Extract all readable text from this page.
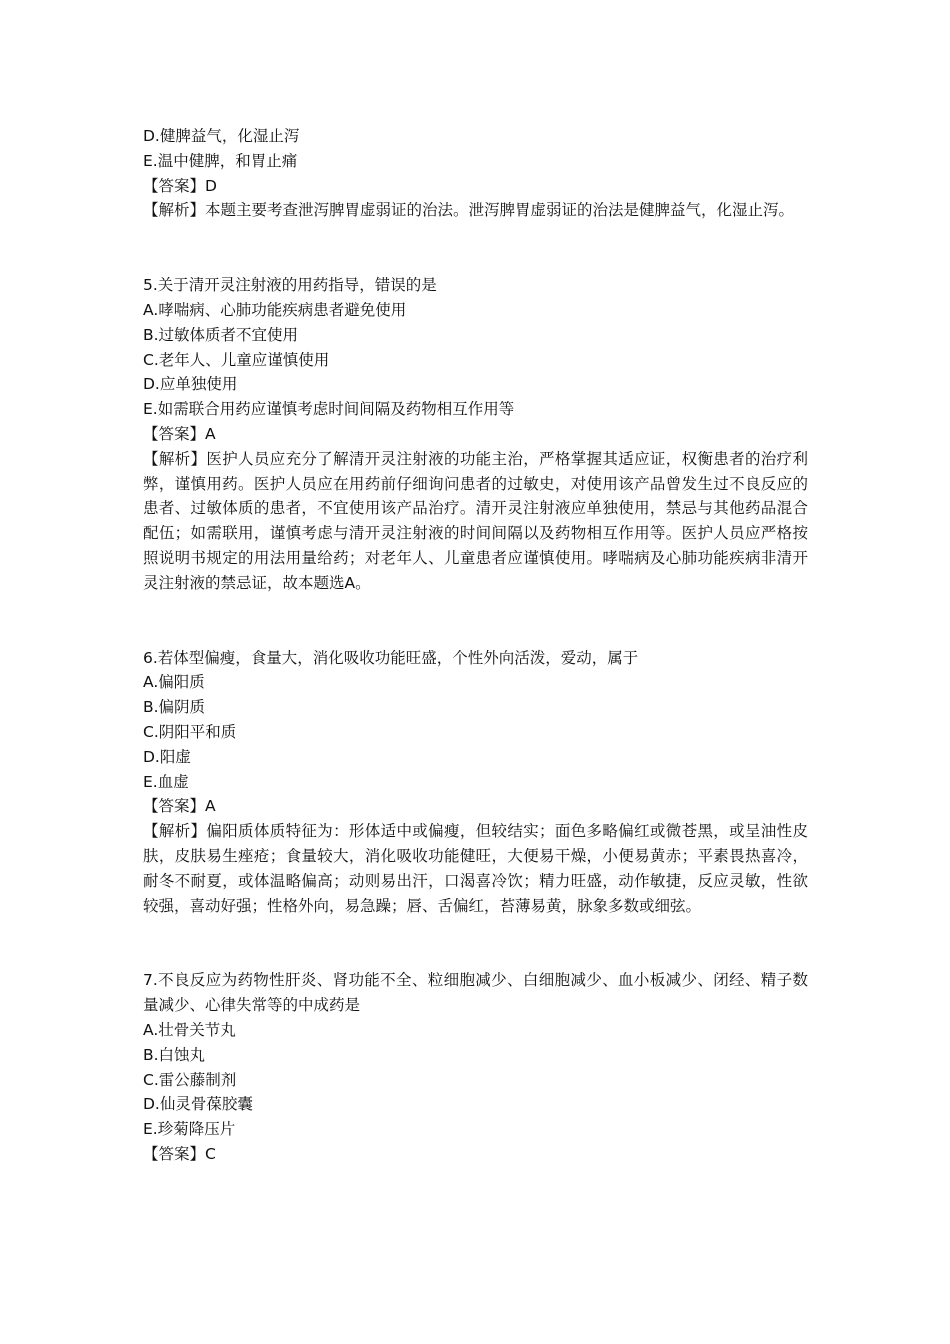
D.健脾益气，化湿止泻
E.温中健脾，和胃止痛
【答案】D
【解析】本题主要考查泄泻脾胃虚弱证的治法。泄泻脾胃虚弱证的治法是健脾益气，化湿止泻。
5.关于清开灵注射液的用药指导，错误的是
A.哮喘病、心肺功能疾病患者避免使用
B.过敏体质者不宜使用
C.老年人、儿童应谨慎使用
D.应单独使用
E.如需联合用药应谨慎考虑时间间隔及药物相互作用等
【答案】A
【解析】医护人员应充分了解清开灵注射液的功能主治，严格掌握其适应证，权衡患者的治疗利弊，谨慎用药。医护人员应在用药前仔细询问患者的过敏史，对使用该产品曾发生过不良反应的患者、过敏体质的患者，不宜使用该产品治疗。清开灵注射液应单独使用，禁忌与其他药品混合配伍；如需联用，谨慎考虑与清开灵注射液的时间间隔以及药物相互作用等。医护人员应严格按照说明书规定的用法用量给药；对老年人、儿童患者应谨慎使用。哮喘病及心肺功能疾病非清开灵注射液的禁忌证，故本题选A。
6.若体型偏瘦，食量大，消化吸收功能旺盛，个性外向活泼，爱动，属于
A.偏阳质
B.偏阴质
C.阴阳平和质
D.阳虚
E.血虚
【答案】A
【解析】偏阳质体质特征为：形体适中或偏瘦，但较结实；面色多略偏红或微苍黑，或呈油性皮肤，皮肤易生痤疮；食量较大，消化吸收功能健旺，大便易干燥，小便易黄赤；平素畏热喜冷，耐冬不耐夏，或体温略偏高；动则易出汗，口渴喜冷饮；精力旺盛，动作敏捷，反应灵敏，性欲较强，喜动好强；性格外向，易急躁；唇、舌偏红，苔薄易黄，脉象多数或细弦。
7.不良反应为药物性肝炎、肾功能不全、粒细胞减少、白细胞减少、血小板减少、闭经、精子数量减少、心律失常等的中成药是
A.壮骨关节丸
B.白蚀丸
C.雷公藤制剂
D.仙灵骨葆胶囊
E.珍菊降压片
【答案】C
